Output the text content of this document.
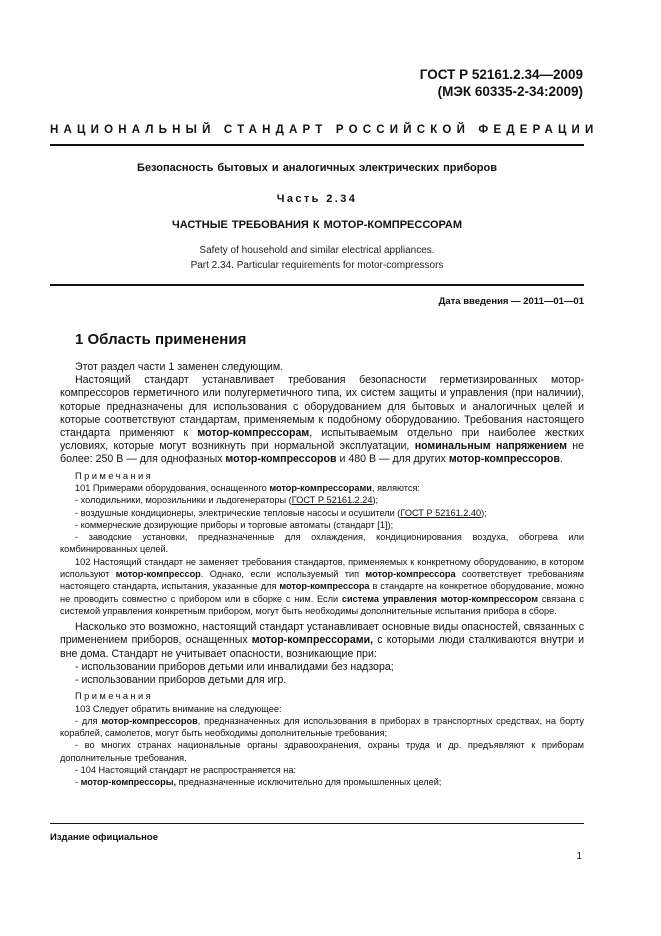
ГОСТ Р 52161.2.34—2009
(МЭК 60335-2-34:2009)
НАЦИОНАЛЬНЫЙ СТАНДАРТ РОССИЙСКОЙ ФЕДЕРАЦИИ
Безопасность бытовых и аналогичных электрических приборов
Часть 2.34
ЧАСТНЫЕ ТРЕБОВАНИЯ К МОТОР-КОМПРЕССОРАМ
Safety of household and similar electrical appliances.
Part 2.34. Particular requirements for motor-compressors
Дата введения — 2011—01—01
1 Область применения

Этот раздел части 1 заменен следующим.

Настоящий стандарт устанавливает требования безопасности герметизированных мотор-компрессоров герметичного или полугерметичного типа, их систем защиты и управления (при наличии), которые предназначены для использования с оборудованием для бытовых и аналогичных целей и которые соответствуют стандартам, применяемым к подобному оборудованию. Требования настоящего стандарта применяют к мотор-компрессорам, испытываемым отдельно при наиболее жестких условиях, которые могут возникнуть при нормальной эксплуатации, номинальным напряжением не более: 250 В — для однофазных мотор-компрессоров и 480 В — для других мотор-компрессоров.

Примечания

101 Примерами оборудования, оснащенного мотор-компрессорами, являются:

- холодильники, морозильники и льдогенераторы (ГОСТ Р 52161.2.24);

- воздушные кондиционеры, электрические тепловые насосы и осушители (ГОСТ Р 52161.2.40);

- коммерческие дозирующие приборы и торговые автоматы (стандарт [1]);

- заводские установки, предназначенные для охлаждения, кондиционирования воздуха, обогрева или комбинированных целей.

102 Настоящий стандарт не заменяет требования стандартов, применяемых к конкретному оборудованию, в котором используют мотор-компрессор. Однако, если используемый тип мотор-компрессора соответствует требованиям настоящего стандарта, испытания, указанные для мотор-компрессора в стандарте на конкретное оборудование, можно не проводить совместно с прибором или в сборке с ним. Если система управления мотор-компрессором связана с системой управления конкретным прибором, могут быть необходимы дополнительные испытания прибора в сборе.

Насколько это возможно, настоящий стандарт устанавливает основные виды опасностей, связанных с применением приборов, оснащенных мотор-компрессорами, с которыми люди сталкиваются внутри и вне дома. Стандарт не учитывает опасности, возникающие при:

- использовании приборов детьми или инвалидами без надзора;

- использовании приборов детьми для игр.

Примечания

103 Следует обратить внимание на следующее:

- для мотор-компрессоров, предназначенных для использования в приборах в транспортных средствах, на борту кораблей, самолетов, могут быть необходимы дополнительные требования;

- во многих странах национальные органы здравоохранения, охраны труда и др. предъявляют к приборам дополнительные требования.

- 104 Настоящий стандарт не распространяется на:

- мотор-компрессоры, предназначенные исключительно для промышленных целей;

Издание официальное
1
